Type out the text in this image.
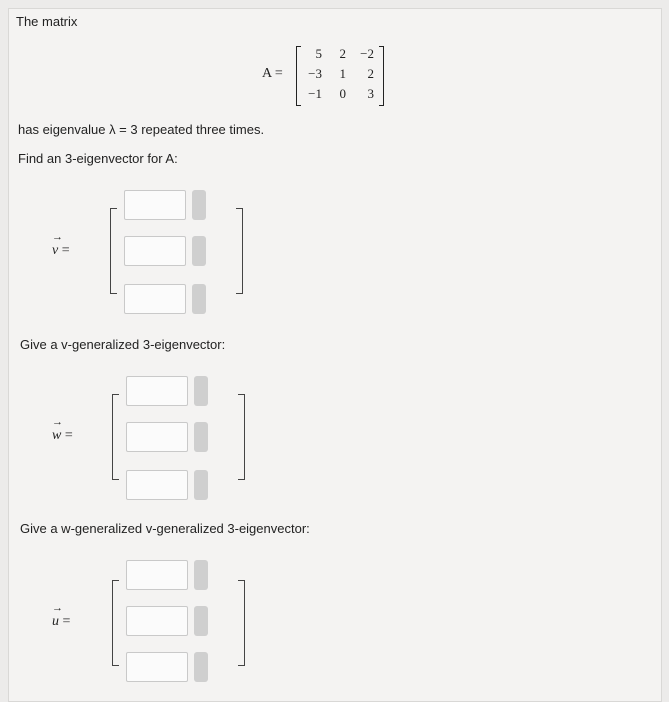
The matrix
A =
5	2	−2
−3	1	2
−1	0	3
has eigenvalue λ = 3 repeated three times.
Find an 3-eigenvector for A:
→ v =
Give a v-generalized 3-eigenvector:
→ w =
Give a w-generalized v-generalized 3-eigenvector:
→ u =
